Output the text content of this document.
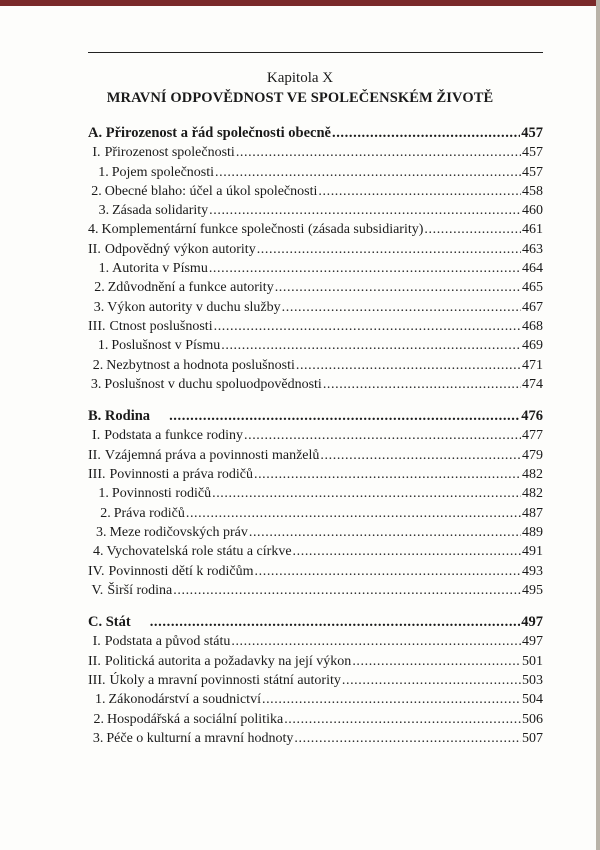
Kapitola X
MRAVNÍ ODPOVĚDNOST VE SPOLEČENSKÉM ŽIVOTĚ
A. Přirozenost a řád společnosti obecně .....	457
I. Přirozenost společnosti .....	457
1. Pojem společnosti .....	457
2. Obecné blaho: účel a úkol společnosti .....	458
3. Zásada solidarity .....	460
4. Komplementární funkce společnosti (zásada subsidiarity) .....	461
II. Odpovědný výkon autority .....	463
1. Autorita v Písmu .....	464
2. Zdůvodnění a funkce autority .....	465
3. Výkon autority v duchu služby .....	467
III. Ctnost poslušnosti .....	468
1. Poslušnost v Písmu .....	469
2. Nezbytnost a hodnota poslušnosti .....	471
3. Poslušnost v duchu spoluodpovědnosti .....	474
B. Rodina .....	476
I. Podstata a funkce rodiny .....	477
II. Vzájemná práva a povinnosti manželů .....	479
III. Povinnosti a práva rodičů .....	482
1. Povinnosti rodičů .....	482
2. Práva rodičů .....	487
3. Meze rodičovských práv .....	489
4. Vychovatelská role státu a církve .....	491
IV. Povinnosti dětí k rodičům .....	493
V. Širší rodina .....	495
C. Stát .....	497
I. Podstata a původ státu .....	497
II. Politická autorita a požadavky na její výkon .....	501
III. Úkoly a mravní povinnosti státní autority .....	503
1. Zákonodárství a soudnictví .....	504
2. Hospodářská a sociální politika .....	506
3. Péče o kulturní a mravní hodnoty .....	507
